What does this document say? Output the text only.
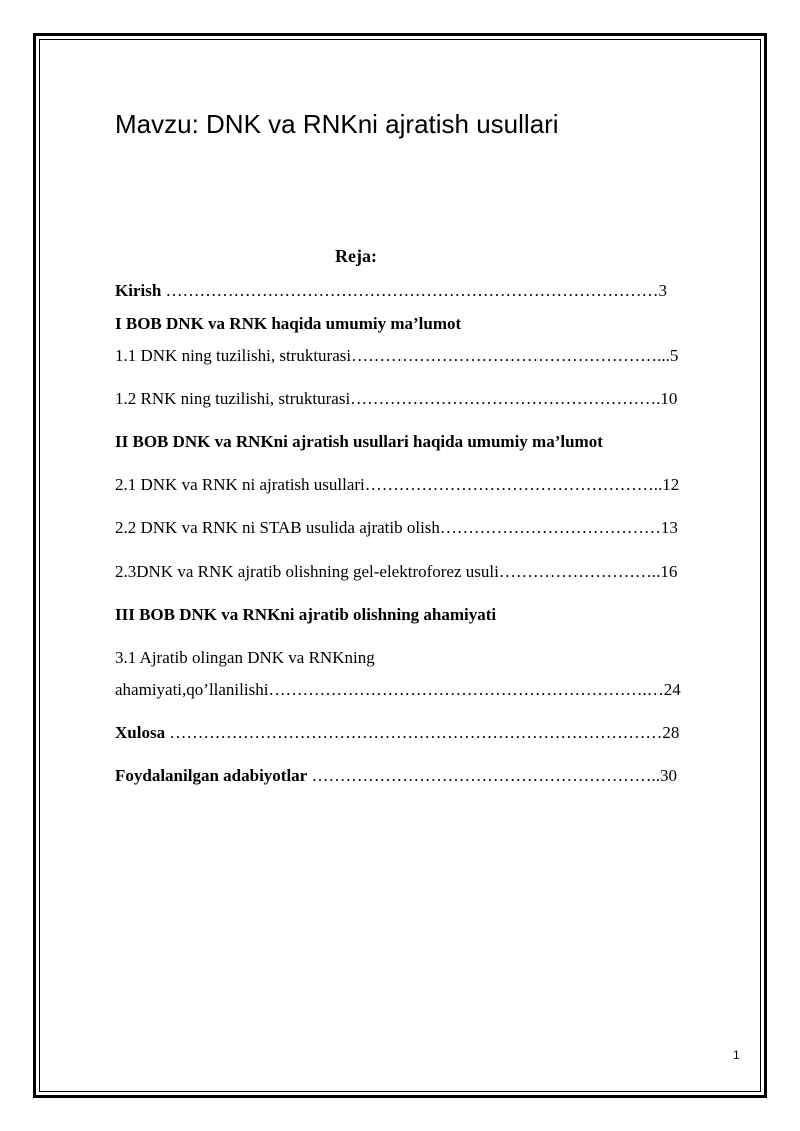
Mavzu: DNK va RNKni ajratish usullari
Reja:
Kirish ……………………………………………………………………………3
I BOB DNK va RNK haqida umumiy ma’lumot
1.1 DNK ning tuzilishi, strukturasi………………………………………………...5
1.2 RNK ning tuzilishi, strukturasi……………………………………………….10
II BOB DNK va RNKni ajratish usullari haqida umumiy ma’lumot
2.1 DNK va RNK ni ajratish usullari……………………………………………..12
2.2 DNK va RNK ni STAB usulida ajratib olish…………………………………13
2.3DNK va RNK ajratib olishning gel-elektroforez usuli………………………..16
III BOB DNK va RNKni ajratib olishning ahamiyati
3.1 Ajratib olingan DNK va RNKning
ahamiyati,qo’llanilishi………………………………………………………….…24
Xulosa ……………………………………………………………………………28
Foydalanilgan adabiyotlar ……………………………………………………..30
1
